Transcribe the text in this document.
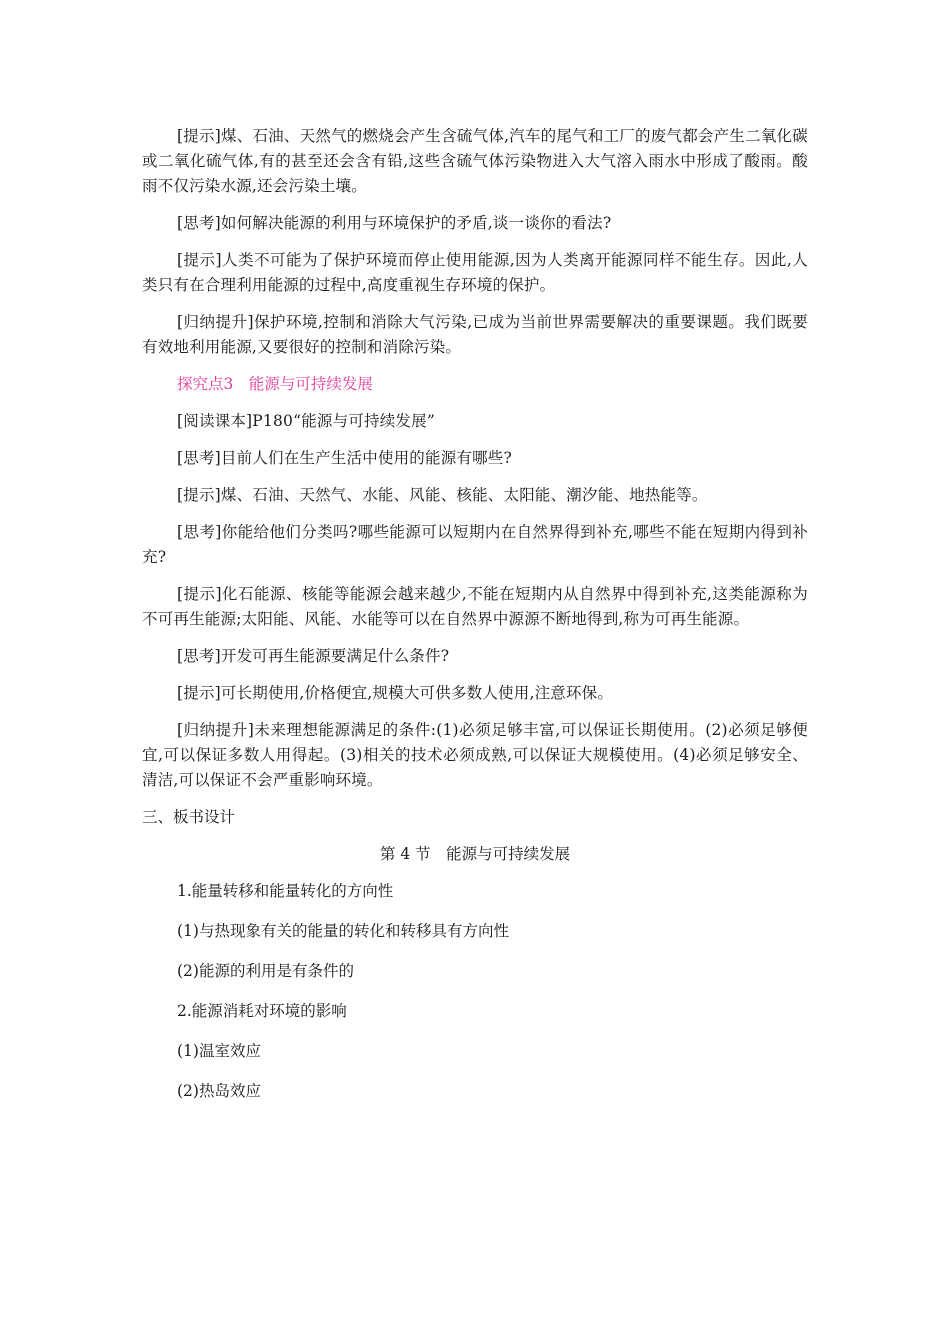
[提示]煤、石油、天然气的燃烧会产生含硫气体,汽车的尾气和工厂的废气都会产生二氧化碳或二氧化硫气体,有的甚至还会含有铅,这些含硫气体污染物进入大气溶入雨水中形成了酸雨。酸雨不仅污染水源,还会污染土壤。

[思考]如何解决能源的利用与环境保护的矛盾,谈一谈你的看法?

[提示]人类不可能为了保护环境而停止使用能源,因为人类离开能源同样不能生存。因此,人类只有在合理利用能源的过程中,高度重视生存环境的保护。

[归纳提升]保护环境,控制和消除大气污染,已成为当前世界需要解决的重要课题。我们既要有效地利用能源,又要很好的控制和消除污染。

探究点3　能源与可持续发展

[阅读课本]P180“能源与可持续发展”

[思考]目前人们在生产生活中使用的能源有哪些?

[提示]煤、石油、天然气、水能、风能、核能、太阳能、潮汐能、地热能等。

[思考]你能给他们分类吗?哪些能源可以短期内在自然界得到补充,哪些不能在短期内得到补充?

[提示]化石能源、核能等能源会越来越少,不能在短期内从自然界中得到补充,这类能源称为不可再生能源;太阳能、风能、水能等可以在自然界中源源不断地得到,称为可再生能源。

[思考]开发可再生能源要满足什么条件?

[提示]可长期使用,价格便宜,规模大可供多数人使用,注意环保。

[归纳提升]未来理想能源满足的条件:(1)必须足够丰富,可以保证长期使用。(2)必须足够便宜,可以保证多数人用得起。(3)相关的技术必须成熟,可以保证大规模使用。(4)必须足够安全、清洁,可以保证不会严重影响环境。

三、板书设计

第 4 节　能源与可持续发展

1.能量转移和能量转化的方向性

(1)与热现象有关的能量的转化和转移具有方向性

(2)能源的利用是有条件的

2.能源消耗对环境的影响

(1)温室效应

(2)热岛效应
